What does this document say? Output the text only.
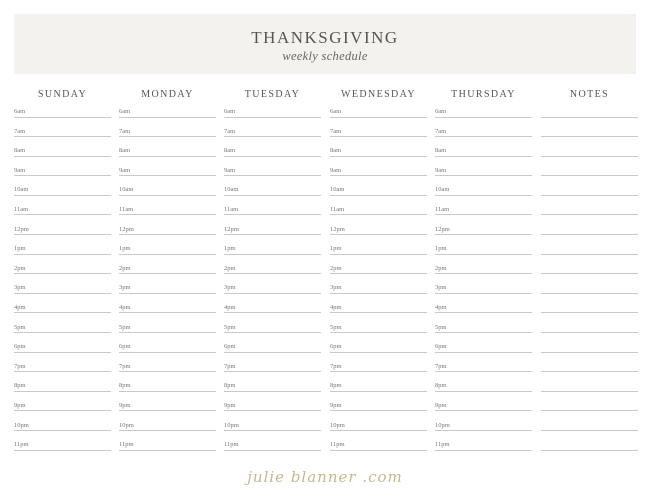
THANKSGIVING
weekly schedule
SUNDAY
6am
7am
8am
9am
10am
11am
12pm
1pm
2pm
3pm
4pm
5pm
6pm
7pm
8pm
9pm
10pm
11pm
MONDAY
6am
7am
8am
9am
10am
11am
12pm
1pm
2pm
3pm
4pm
5pm
6pm
7pm
8pm
9pm
10pm
11pm
TUESDAY
6am
7am
8am
9am
10am
11am
12pm
1pm
2pm
3pm
4pm
5pm
6pm
7pm
8pm
9pm
10pm
11pm
WEDNESDAY
6am
7am
8am
9am
10am
11am
12pm
1pm
2pm
3pm
4pm
5pm
6pm
7pm
8pm
9pm
10pm
11pm
THURSDAY
6am
7am
8am
9am
10am
11am
12pm
1pm
2pm
3pm
4pm
5pm
6pm
7pm
8pm
9pm
10pm
11pm
NOTES
julie blanner .com
